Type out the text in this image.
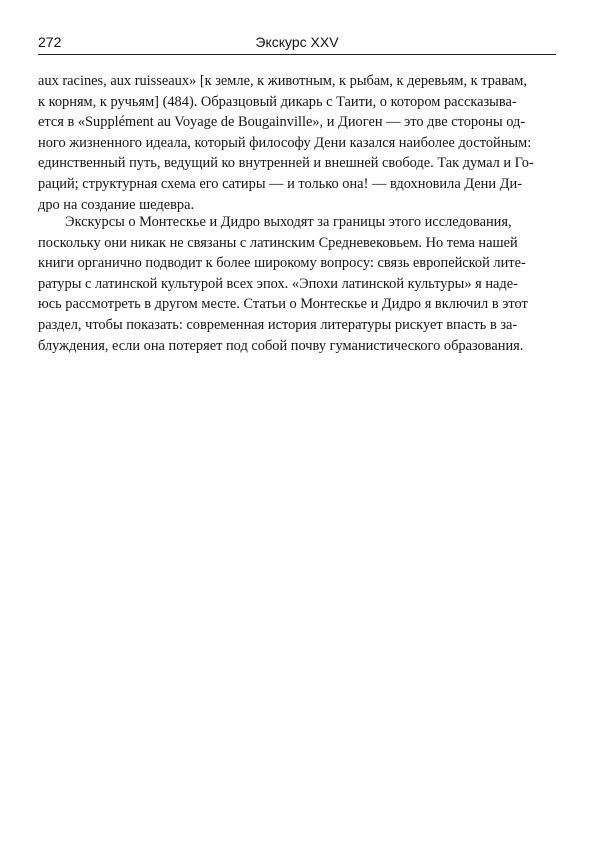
272	Экскурс XXV
aux racines, aux ruisseaux» [к земле, к животным, к рыбам, к деревьям, к травам,
к корням, к ручьям] (484). Образцовый дикарь с Таити, о котором рассказыва-
ется в «Supplément au Voyage de Bougainville», и Диоген — это две стороны од-
ного жизненного идеала, который философу Дени казался наиболее достойным:
единственный путь, ведущий ко внутренней и внешней свободе. Так думал и Го-
раций; структурная схема его сатиры — и только она! — вдохновила Дени Ди-
дро на создание шедевра.
Экскурсы о Монтескье и Дидро выходят за границы этого исследования,
поскольку они никак не связаны с латинским Средневековьем. Но тема нашей
книги органично подводит к более широкому вопросу: связь европейской лите-
ратуры с латинской культурой всех эпох. «Эпохи латинской культуры» я наде-
юсь рассмотреть в другом месте. Статьи о Монтескье и Дидро я включил в этот
раздел, чтобы показать: современная история литературы рискует впасть в за-
блуждения, если она потеряет под собой почву гуманистического образования.
